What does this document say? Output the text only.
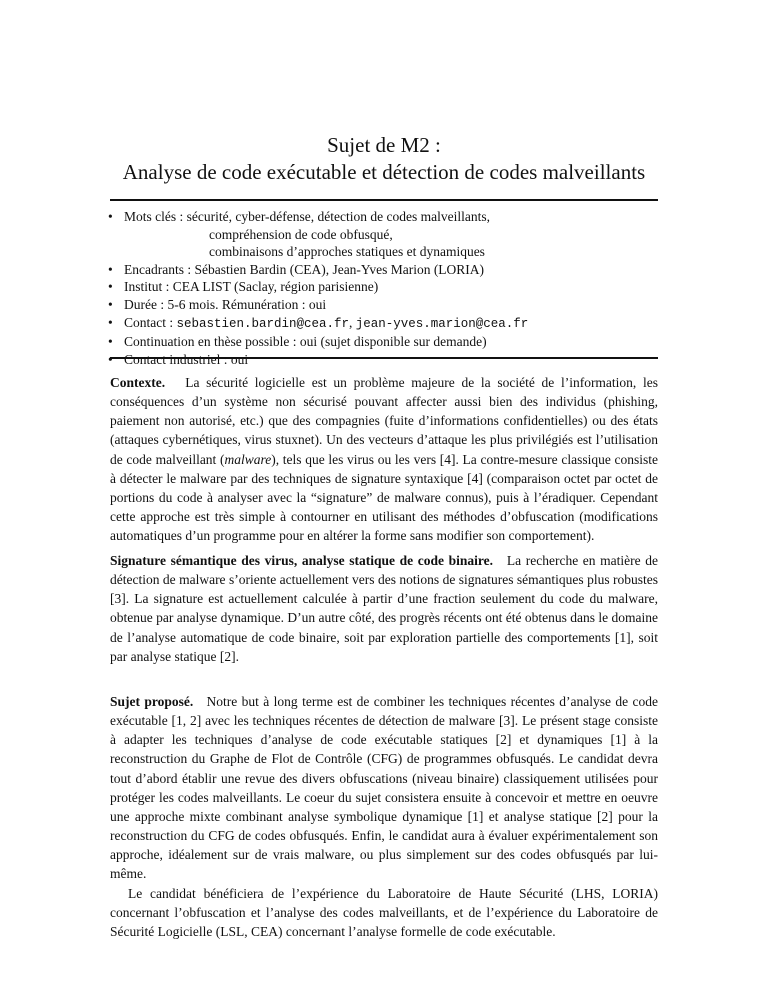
Sujet de M2 :
Analyse de code exécutable et détection de codes malveillants
• Mots clés : sécurité, cyber-défense, détection de codes malveillants,
compréhension de code obfusqué,
combinaisons d’approches statiques et dynamiques
• Encadrants : Sébastien Bardin (CEA), Jean-Yves Marion (LORIA)
• Institut : CEA LIST (Saclay, région parisienne)
• Durée : 5-6 mois. Rémunération : oui
• Contact : sebastien.bardin@cea.fr, jean-yves.marion@cea.fr
• Continuation en thèse possible : oui (sujet disponible sur demande)
• Contact industriel : oui

Contexte. La sécurité logicielle est un problème majeure de la société de l’information, les conséquences d’un système non sécurisé pouvant affecter aussi bien des individus (phishing, paiement non autorisé, etc.) que des compagnies (fuite d’informations confidentielles) ou des états (attaques cybernétiques, virus stuxnet). Un des vecteurs d’attaque les plus privilégiés est l’utilisation de code malveillant (malware), tels que les virus ou les vers [4]. La contre-mesure classique consiste à détecter le malware par des techniques de signature syntaxique [4] (comparaison octet par octet de portions du code à analyser avec la “signature” de malware connus), puis à l’éradiquer. Cependant cette approche est très simple à contourner en utilisant des méthodes d’obfuscation (modifications automatiques d’un programme pour en altérer la forme sans modifier son comportement).

Signature sémantique des virus, analyse statique de code binaire. La recherche en matière de détection de malware s’oriente actuellement vers des notions de signatures sémantiques plus robustes [3]. La signature est actuellement calculée à partir d’une fraction seulement du code du malware, obtenue par analyse dynamique. D’un autre côté, des progrès récents ont été obtenus dans le domaine de l’analyse automatique de code binaire, soit par exploration partielle des comportements [1], soit par analyse statique [2].

Sujet proposé. Notre but à long terme est de combiner les techniques récentes d’analyse de code exécutable [1, 2] avec les techniques récentes de détection de malware [3]. Le présent stage consiste à adapter les techniques d’analyse de code exécutable statiques [2] et dynamiques [1] à la reconstruction du Graphe de Flot de Contrôle (CFG) de programmes obfusqués. Le candidat devra tout d’abord établir une revue des divers obfuscations (niveau binaire) classiquement utilisées pour protéger les codes malveillants. Le coeur du sujet consistera ensuite à concevoir et mettre en oeuvre une approche mixte combinant analyse symbolique dynamique [1] et analyse statique [2] pour la reconstruction du CFG de codes obfusqués. Enfin, le candidat aura à évaluer expérimentalement son approche, idéalement sur de vrais malware, ou plus simplement sur des codes obfusqués par lui-même.

Le candidat bénéficiera de l’expérience du Laboratoire de Haute Sécurité (LHS, LORIA) concernant l’obfuscation et l’analyse des codes malveillants, et de l’expérience du Laboratoire de Sécurité Logicielle (LSL, CEA) concernant l’analyse formelle de code exécutable.
